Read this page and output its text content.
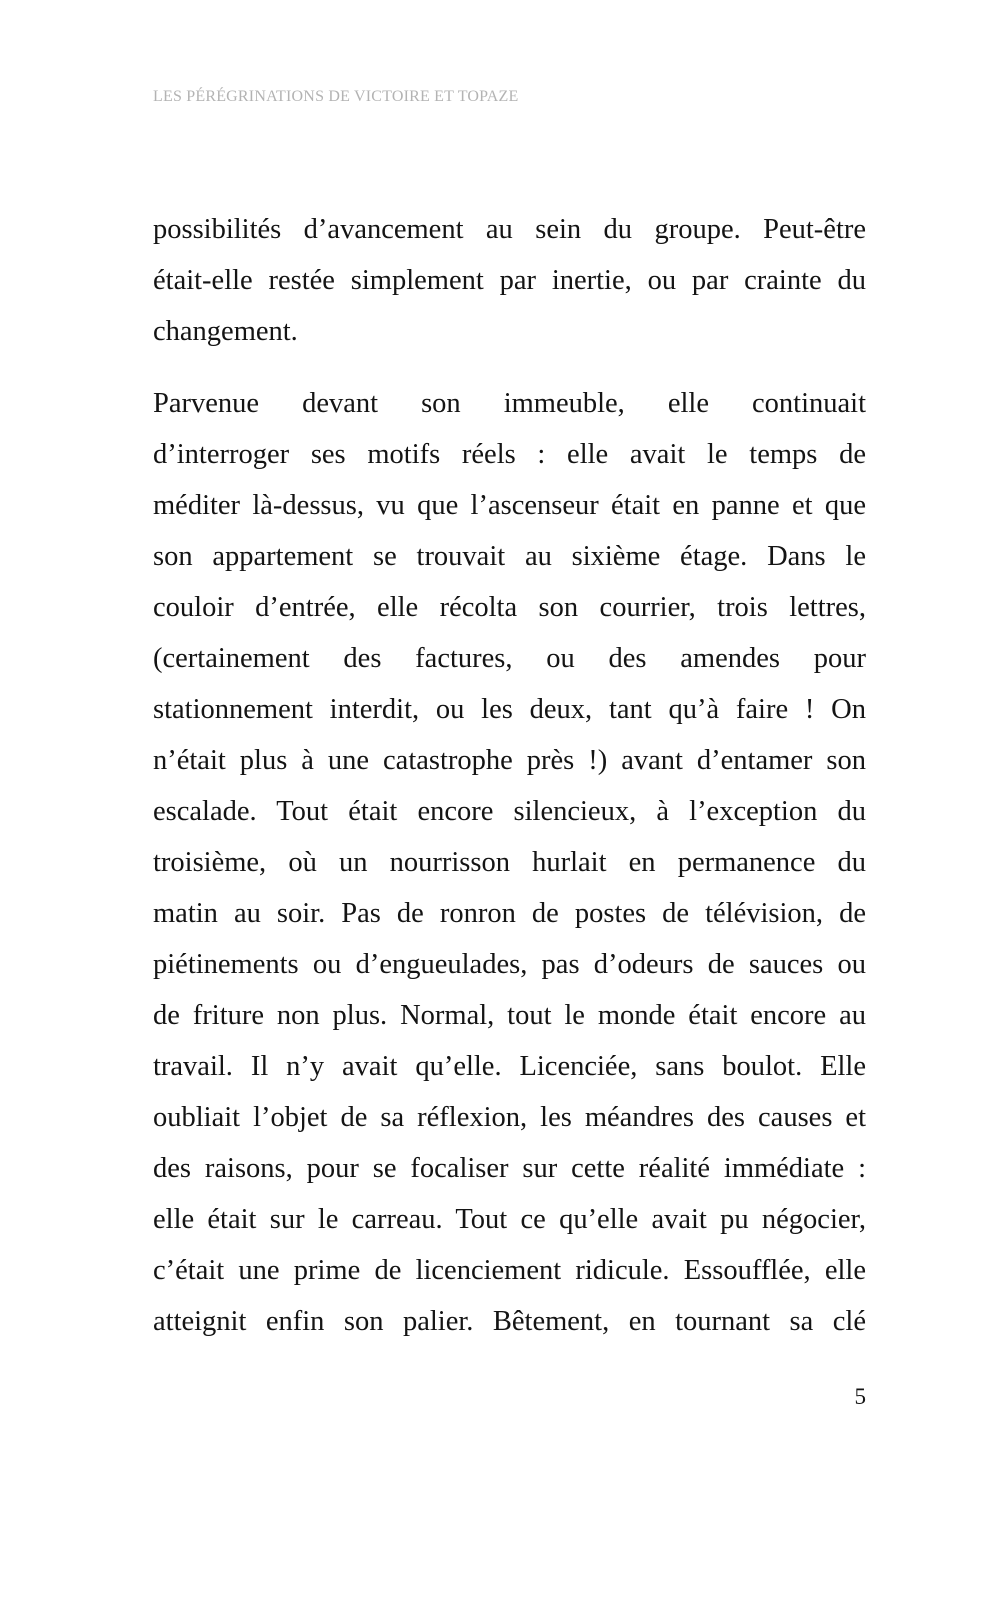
LES PÉRÉGRINATIONS DE VICTOIRE ET TOPAZE

possibilités d’avancement au sein du groupe. Peut-être
était-elle restée simplement par inertie, ou par crainte du
changement.

Parvenue devant son immeuble, elle continuait
d’interroger ses motifs réels : elle avait le temps de
méditer là-dessus, vu que l’ascenseur était en panne et que
son appartement se trouvait au sixième étage. Dans le
couloir d’entrée, elle récolta son courrier, trois lettres,
(certainement des factures, ou des amendes pour
stationnement interdit, ou les deux, tant qu’à faire ! On
n’était plus à une catastrophe près !) avant d’entamer son
escalade. Tout était encore silencieux, à l’exception du
troisième, où un nourrisson hurlait en permanence du
matin au soir. Pas de ronron de postes de télévision, de
piétinements ou d’engueulades, pas d’odeurs de sauces ou
de friture non plus. Normal, tout le monde était encore au
travail. Il n’y avait qu’elle. Licenciée, sans boulot. Elle
oubliait l’objet de sa réflexion, les méandres des causes et
des raisons, pour se focaliser sur cette réalité immédiate :
elle était sur le carreau. Tout ce qu’elle avait pu négocier,
c’était une prime de licenciement ridicule. Essoufflée, elle
atteignit enfin son palier. Bêtement, en tournant sa clé

5
